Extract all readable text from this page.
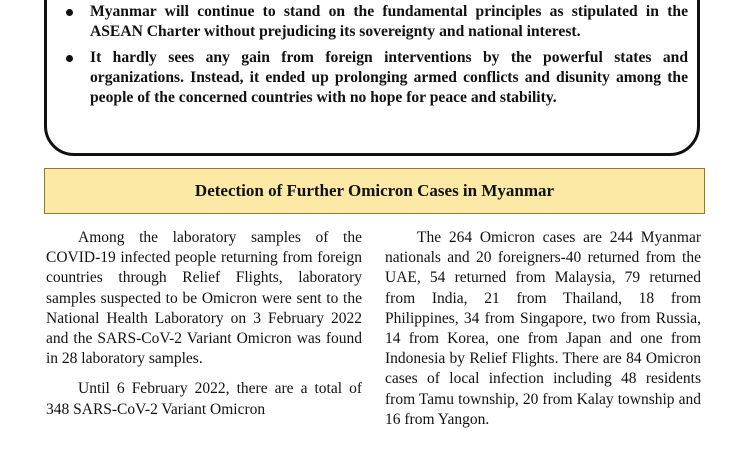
Myanmar will continue to stand on the fundamental principles as stipulated in the ASEAN Charter without prejudicing its sovereignty and national interest.
It hardly sees any gain from foreign interventions by the powerful states and organizations. Instead, it ended up prolonging armed conflicts and disunity among the people of the concerned countries with no hope for peace and stability.
Detection of Further Omicron Cases in Myanmar

Among the laboratory samples of the COVID-19 infected people returning from foreign countries through Relief Flights, laboratory samples suspected to be Omicron were sent to the National Health Laboratory on 3 February 2022 and the SARS-CoV-2 Variant Omicron was found in 28 laboratory samples.

Until 6 February 2022, there are a total of 348 SARS-CoV-2 Variant Omicron

The 264 Omicron cases are 244 Myanmar nationals and 20 foreigners-40 returned from the UAE, 54 returned from Malaysia, 79 returned from India, 21 from Thailand, 18 from Philippines, 34 from Singapore, two from Russia, 14 from Korea, one from Japan and one from Indonesia by Relief Flights. There are 84 Omicron cases of local infection including 48 residents from Tamu township, 20 from Kalay township and 16 from Yangon.
